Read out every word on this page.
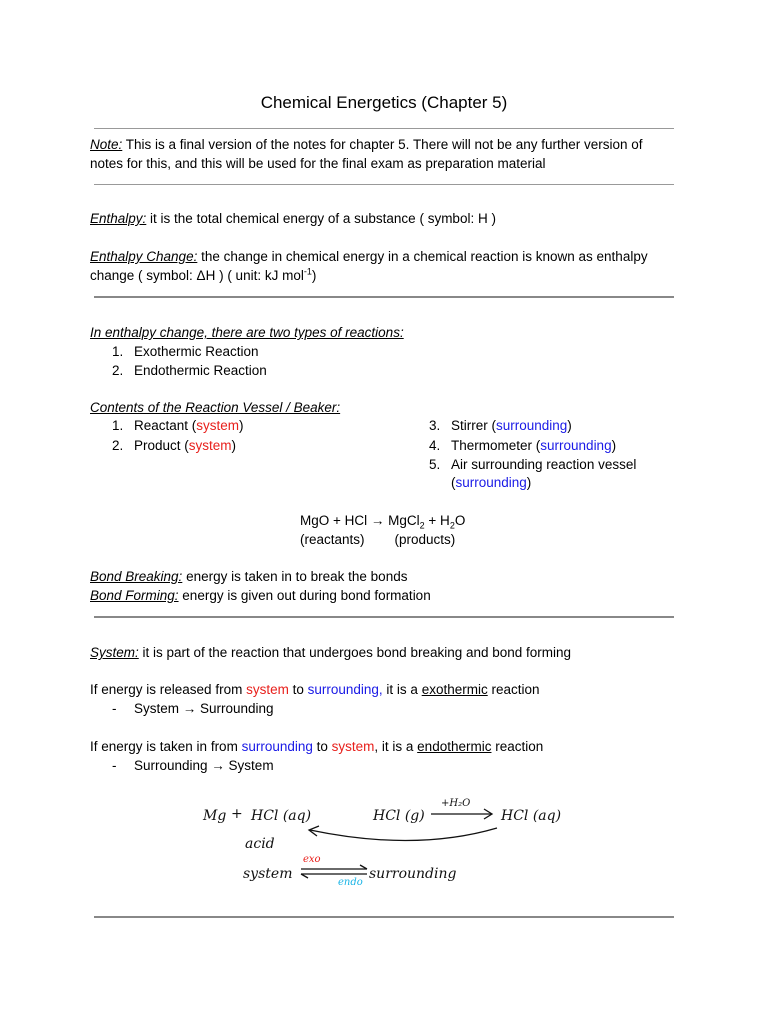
Chemical Energetics (Chapter 5)
Note: This is a final version of the notes for chapter 5. There will not be any further version of
notes for this, and this will be used for the final exam as preparation material
Enthalpy: it is the total chemical energy of a substance ( symbol: H )
Enthalpy Change: the change in chemical energy in a chemical reaction is known as enthalpy
change ( symbol: ΔH ) ( unit: kJ mol$^{-1}$)
In enthalpy change, there are two types of reactions:
1. Exothermic Reaction
2. Endothermic Reaction
Contents of the Reaction Vessel / Beaker:
1. Reactant (system)
2. Product (system)
3. Stirrer (surrounding)
4. Thermometer (surrounding)
5. Air surrounding reaction vessel
(surrounding)
MgO + HCl → MgCl$_2$ + $H_2O$
(reactants) (products)
Bond Breaking: energy is taken in to break the bonds
Bond Forming: energy is given out during bond formation
System: it is part of the reaction that undergoes bond breaking and bond forming
If energy is released from system to surrounding, it is a exothermic reaction
- System → Surrounding
If energy is taken in from surrounding to system, it is a endothermic reaction
- Surrounding → System
Mg + HCl (aq)	HCl (g)	HCl (aq)
acid
system	surrounding
+H₂O
exo
endo
